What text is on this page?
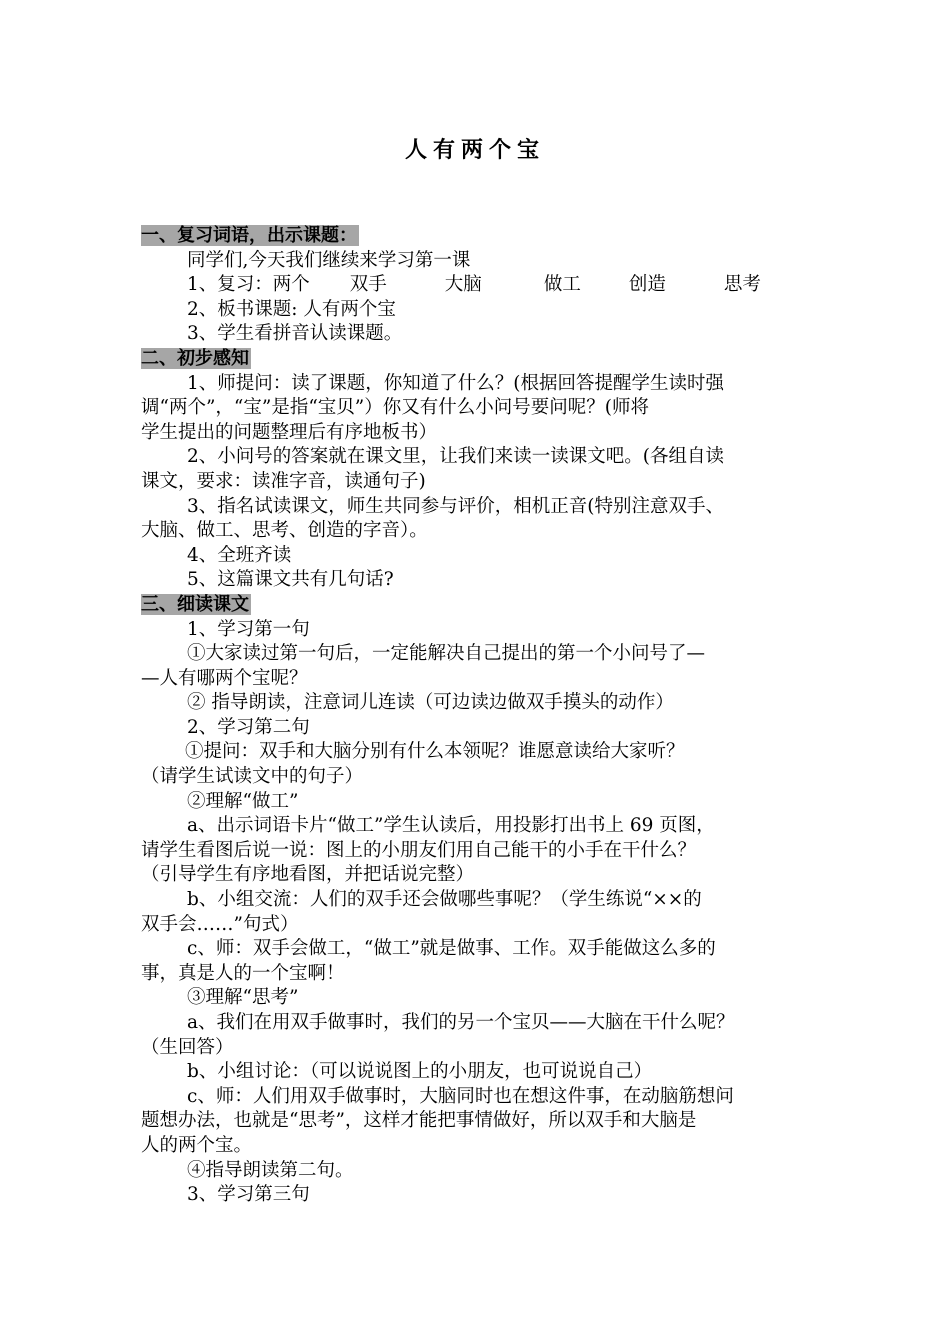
人有两个宝
一、复习词语，出示课题：
同学们,今天我们继续来学习第一课
1、复习：两个 双手	大脑	做工	创造	思考
2、板书课题: 人有两个宝
3、学生看拼音认读课题。
二、初步感知
1、师提问：读了课题，你知道了什么？(根据回答提醒学生读时强
调“两个”，“宝”是指“宝贝”）你又有什么小问号要问呢？(师将
学生提出的问题整理后有序地板书）
2、小问号的答案就在课文里，让我们来读一读课文吧。(各组自读
课文，要求：读准字音，读通句子)
3、指名试读课文，师生共同参与评价，相机正音(特别注意双手、
大脑、做工、思考、创造的字音）。
4、全班齐读
5、这篇课文共有几句话?
三、细读课文
1、学习第一句
①大家读过第一句后，一定能解决自己提出的第一个小问号了—
—人有哪两个宝呢？
② 指导朗读，注意词儿连读（可边读边做双手摸头的动作）
2、学习第二句
①提问：双手和大脑分别有什么本领呢？谁愿意读给大家听？
（请学生试读文中的句子）
②理解“做工”
a、出示词语卡片“做工”学生认读后，用投影打出书上 69 页图，
请学生看图后说一说：图上的小朋友们用自己能干的小手在干什么？
（引导学生有序地看图，并把话说完整）
b、小组交流：人们的双手还会做哪些事呢？（学生练说“××的
双手会……”句式）
c、师：双手会做工，“做工”就是做事、工作。双手能做这么多的
事，真是人的一个宝啊！
③理解“思考”
a、我们在用双手做事时，我们的另一个宝贝——大脑在干什么呢？
（生回答）
b、小组讨论：（可以说说图上的小朋友，也可说说自己）
c、师：人们用双手做事时，大脑同时也在想这件事，在动脑筋想问
题想办法，也就是“思考”，这样才能把事情做好，所以双手和大脑是
人的两个宝。
④指导朗读第二句。
3、学习第三句
